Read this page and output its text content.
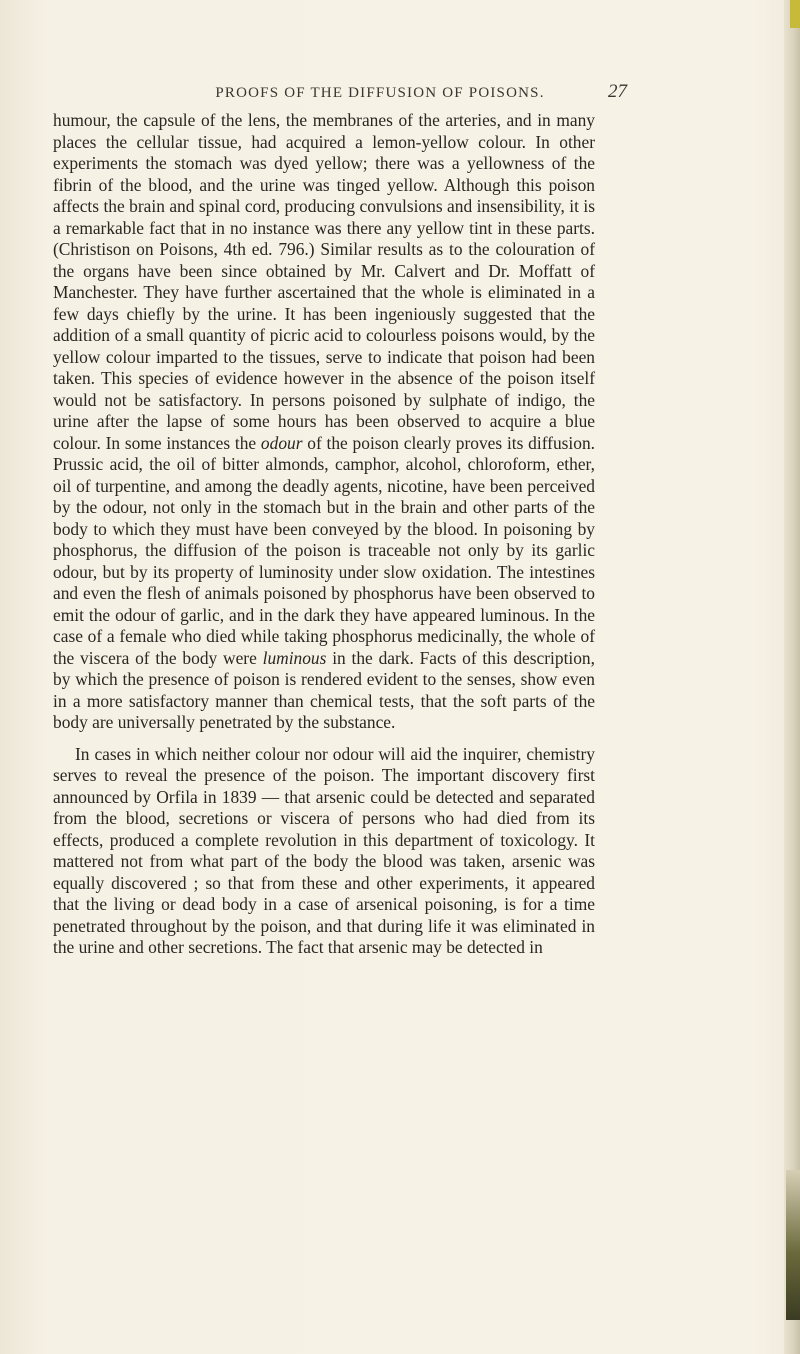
PROOFS OF THE DIFFUSION OF POISONS.	27

humour, the capsule of the lens, the membranes of the arteries, and in many places the cellular tissue, had acquired a lemon-yellow colour. In other experiments the stomach was dyed yellow; there was a yellowness of the fibrin of the blood, and the urine was tinged yellow. Although this poison affects the brain and spinal cord, producing convulsions and insensibility, it is a remarkable fact that in no instance was there any yellow tint in these parts. (Christison on Poisons, 4th ed. 796.) Similar results as to the colouration of the organs have been since obtained by Mr. Calvert and Dr. Moffatt of Manchester. They have further ascertained that the whole is eliminated in a few days chiefly by the urine. It has been ingeniously suggested that the addition of a small quantity of picric acid to colourless poisons would, by the yellow colour imparted to the tissues, serve to indicate that poison had been taken. This species of evidence however in the absence of the poison itself would not be satisfactory. In persons poisoned by sulphate of indigo, the urine after the lapse of some hours has been observed to acquire a blue colour. In some instances the odour of the poison clearly proves its diffusion. Prussic acid, the oil of bitter almonds, camphor, alcohol, chloroform, ether, oil of turpentine, and among the deadly agents, nicotine, have been perceived by the odour, not only in the stomach but in the brain and other parts of the body to which they must have been conveyed by the blood. In poisoning by phosphorus, the diffusion of the poison is traceable not only by its garlic odour, but by its property of luminosity under slow oxidation. The intestines and even the flesh of animals poisoned by phosphorus have been observed to emit the odour of garlic, and in the dark they have appeared luminous. In the case of a female who died while taking phosphorus medicinally, the whole of the viscera of the body were luminous in the dark. Facts of this description, by which the presence of poison is rendered evident to the senses, show even in a more satisfactory manner than chemical tests, that the soft parts of the body are universally penetrated by the substance.

In cases in which neither colour nor odour will aid the inquirer, chemistry serves to reveal the presence of the poison. The important discovery first announced by Orfila in 1839 — that arsenic could be detected and separated from the blood, secretions or viscera of persons who had died from its effects, produced a complete revolution in this department of toxicology. It mattered not from what part of the body the blood was taken, arsenic was equally discovered ; so that from these and other experiments, it appeared that the living or dead body in a case of arsenical poisoning, is for a time penetrated throughout by the poison, and that during life it was eliminated in the urine and other secretions. The fact that arsenic may be detected in
